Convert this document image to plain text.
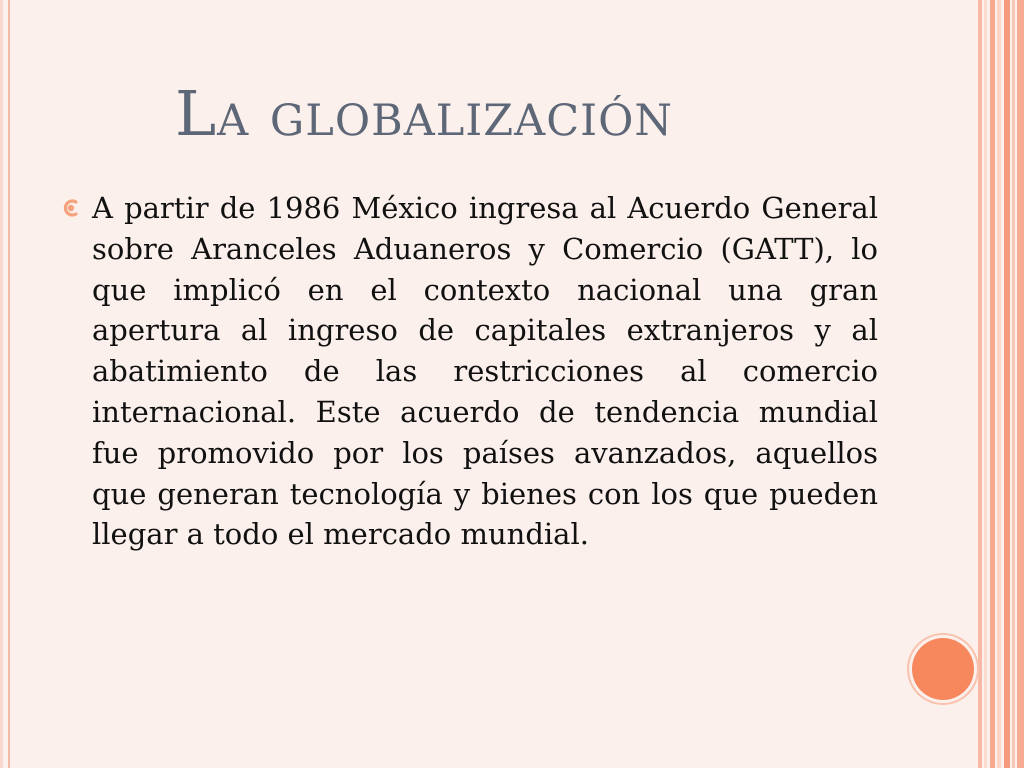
La globalización

A partir de 1986 México ingresa al Acuerdo General sobre Aranceles Aduaneros y Comercio (GATT), lo que implicó en el contexto nacional una gran apertura al ingreso de capitales extranjeros y al abatimiento de las restricciones al comercio internacional. Este acuerdo de tendencia mundial fue promovido por los países avanzados, aquellos que generan tecnología y bienes con los que pueden llegar a todo el mercado mundial.
